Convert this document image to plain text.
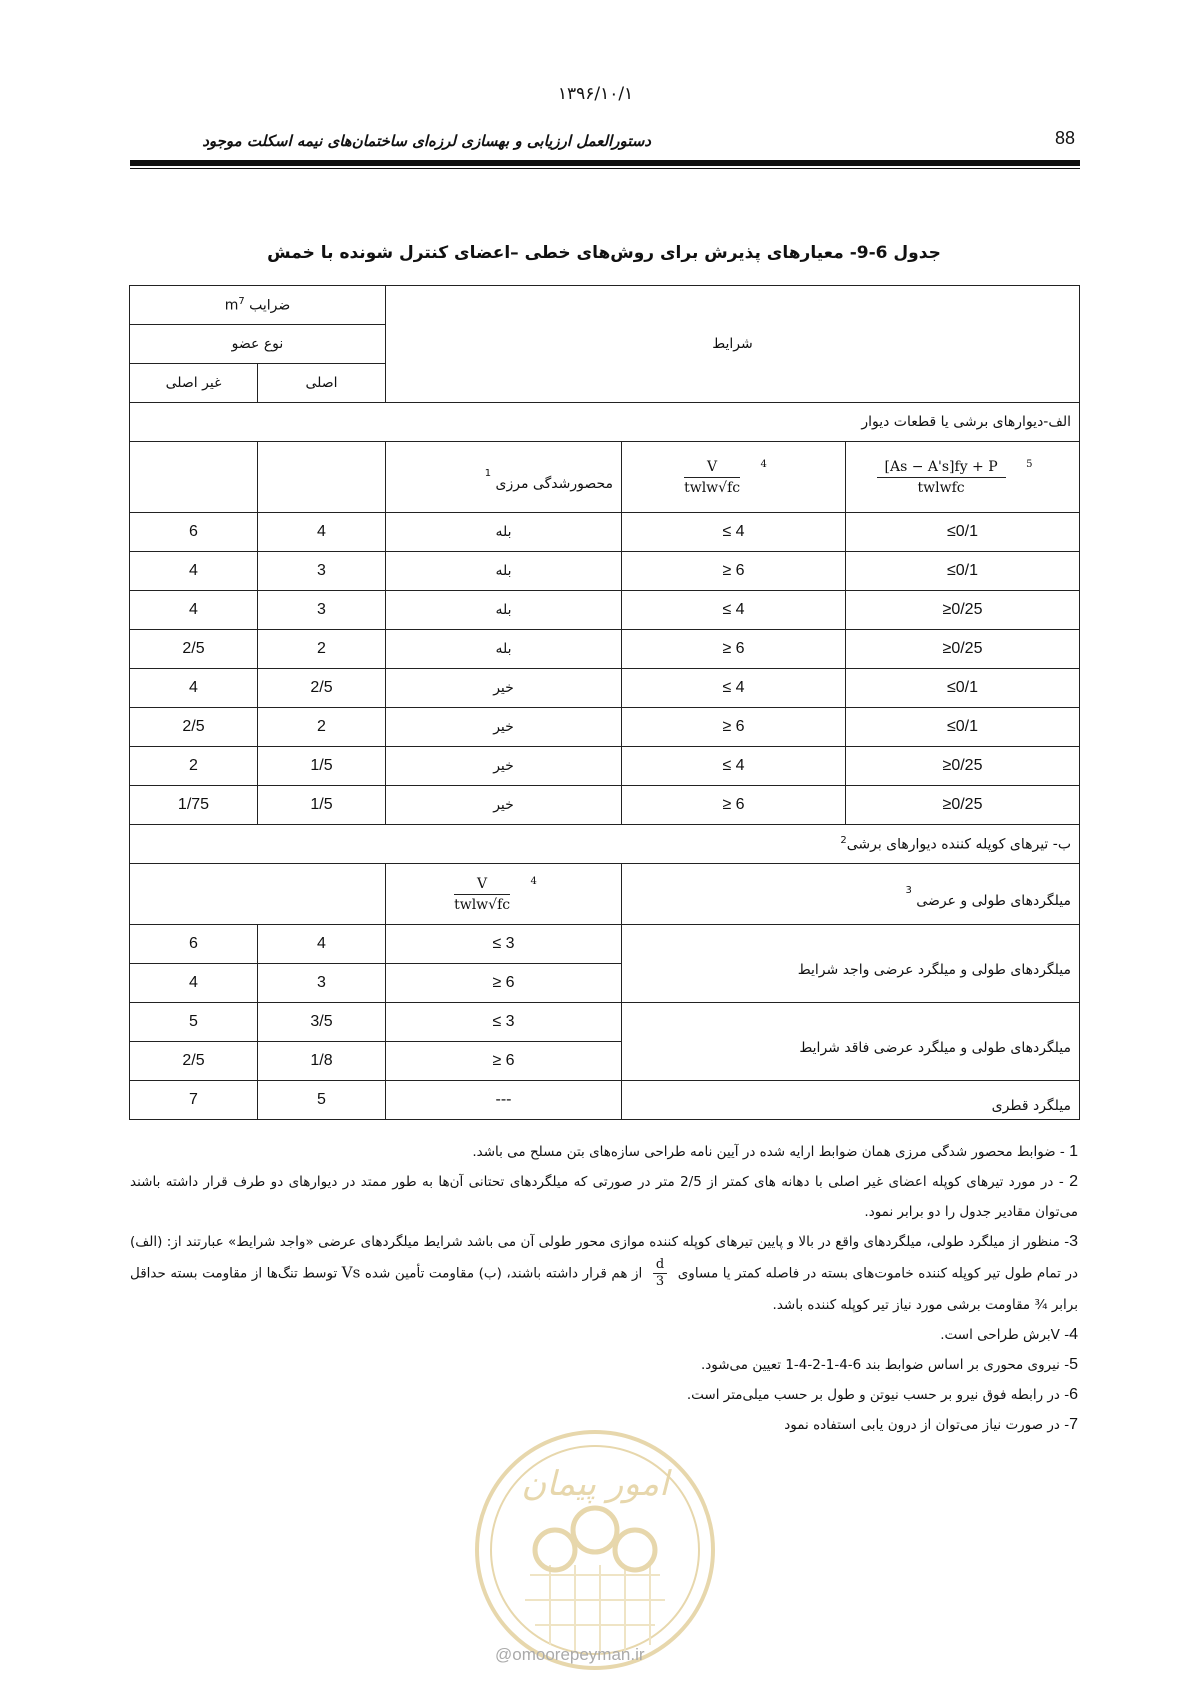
۱۳۹۶/۱۰/۱
دستورالعمل ارزیابی و بهسازی لرزه‌ای ساختمان‌های نیمه اسکلت موجود	88
جدول 6-9- معیارهای پذیرش برای روش‌های خطی –اعضای کنترل شونده با خمش
ضرایب m$^7$		شرایط		
نوع عضو				
غیر اصلی	اصلی			
الف-دیوارهای برشی یا قطعات دیوار				
		محصورشدگی مرزی $^1$	$\frac{V}{\text{twlw√fc}} ^4$	$\frac{[As - A's]fy + P}{\text{twlwfc}} ^5$
6	4	بله	≤ 4	≤0/1
4	3	بله	≥ 6	≤0/1
4	3	بله	≤ 4	≥0/25
2/5	2	بله	≥ 6	≥0/25
4	2/5	خیر	≤ 4	≤0/1
2/5	2	خیر	≥ 6	≤0/1
2	1/5	خیر	≤ 4	≥0/25
1/75	1/5	خیر	≥ 6	≥0/25
ب- تیرهای کوپله کننده دیوارهای برشی$^2$

		$\frac{V}{\text{twlw√fc}} ^4$	میلگردهای طولی و عرضی $^3$
6	4	≤ 3	میلگردهای طولی و میلگرد عرضی واجد شرایط	
4	3	≥ 6		
5	3/5	≤ 3	میلگردهای طولی و میلگرد عرضی فاقد شرایط	
2/5	1/8	≥ 6		
7	5	---	میلگرد قطری	

1 - ضوابط محصور شدگی مرزی همان ضوابط ارایه شده در آیین نامه طراحی سازه‌های بتن مسلح می باشد.

2 - در مورد تیرهای کوپله اعضای غیر اصلی با دهانه های کمتر از 2/5 متر در صورتی که میلگردهای تحتانی آن‌ها به طور ممتد در دیوارهای دو طرف قرار داشته باشند می‌توان مقادیر جدول را دو برابر نمود.

3- منظور از میلگرد طولی، میلگردهای واقع در بالا و پایین تیرهای کوپله کننده موازی محور طولی آن می باشد شرایط میلگردهای عرضی «واجد شرایط» عبارتند از: (الف) در تمام طول تیر کوپله کننده خاموت‌های بسته در فاصله کمتر یا مساوی
$\frac{d}{3}$
از هم قرار داشته باشند، (ب) مقاومت تأمین شده Vs توسط تنگ‌ها از مقاومت بسته حداقل برابر ¾ مقاومت برشی مورد نیاز تیر کوپله کننده باشد.

4- Vبرش طراحی است.

5- نیروی محوری بر اساس ضوابط بند 6-4-1-2-4-1 تعیین می‌شود.

6- در رابطه فوق نیرو بر حسب نیوتن و طول بر حسب میلی‌متر است.

7- در صورت نیاز می‌توان از درون یابی استفاده نمود

امور پیمان
@omoorepeyman.ir
